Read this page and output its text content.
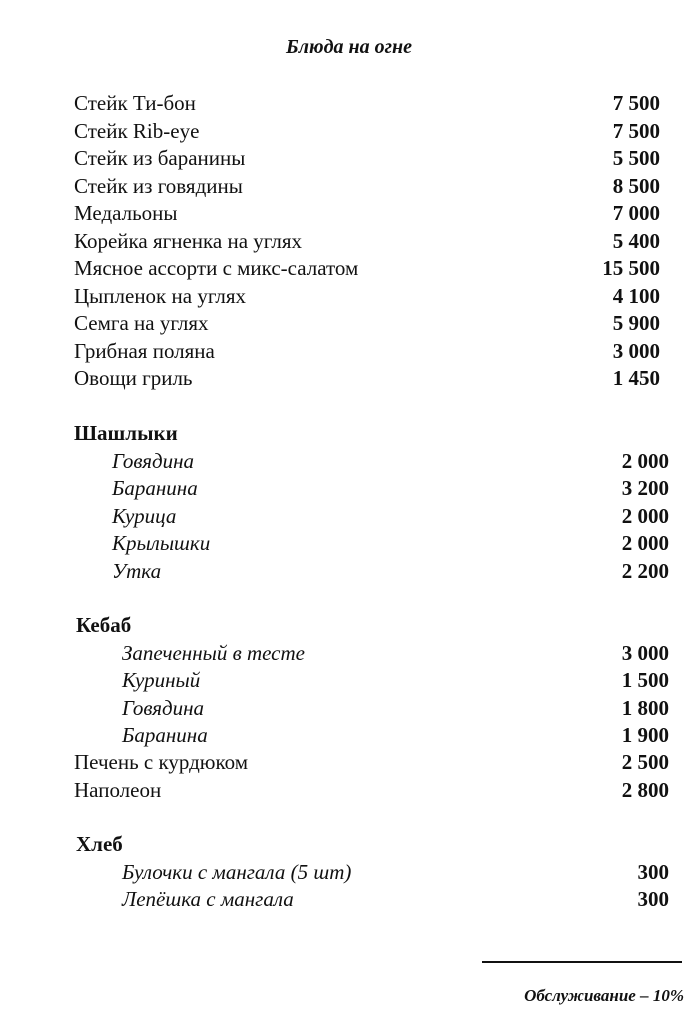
Блюда на огне
Стейк Ти-бон	7 500
Стейк Rib-eye	7 500
Стейк из баранины	5 500
Стейк из говядины	8 500
Медальоны	7 000
Корейка ягненка на углях	5 400
Мясное ассорти с микс-салатом	15 500
Цыпленок на углях	4 100
Семга на углях	5 900
Грибная поляна	3 000
Овощи гриль	1 450
Шашлыки
Говядина	2 000
Баранина	3 200
Курица	2 000
Крылышки	2 000
Утка	2 200
Кебаб
Запеченный в тесте	3 000
Куриный	1 500
Говядина	1 800
Баранина	1 900
Печень с курдюком	2 500
Наполеон	2 800
Хлеб
Булочки с мангала (5 шт)	300
Лепёшка с мангала	300
Обслуживание – 10%
